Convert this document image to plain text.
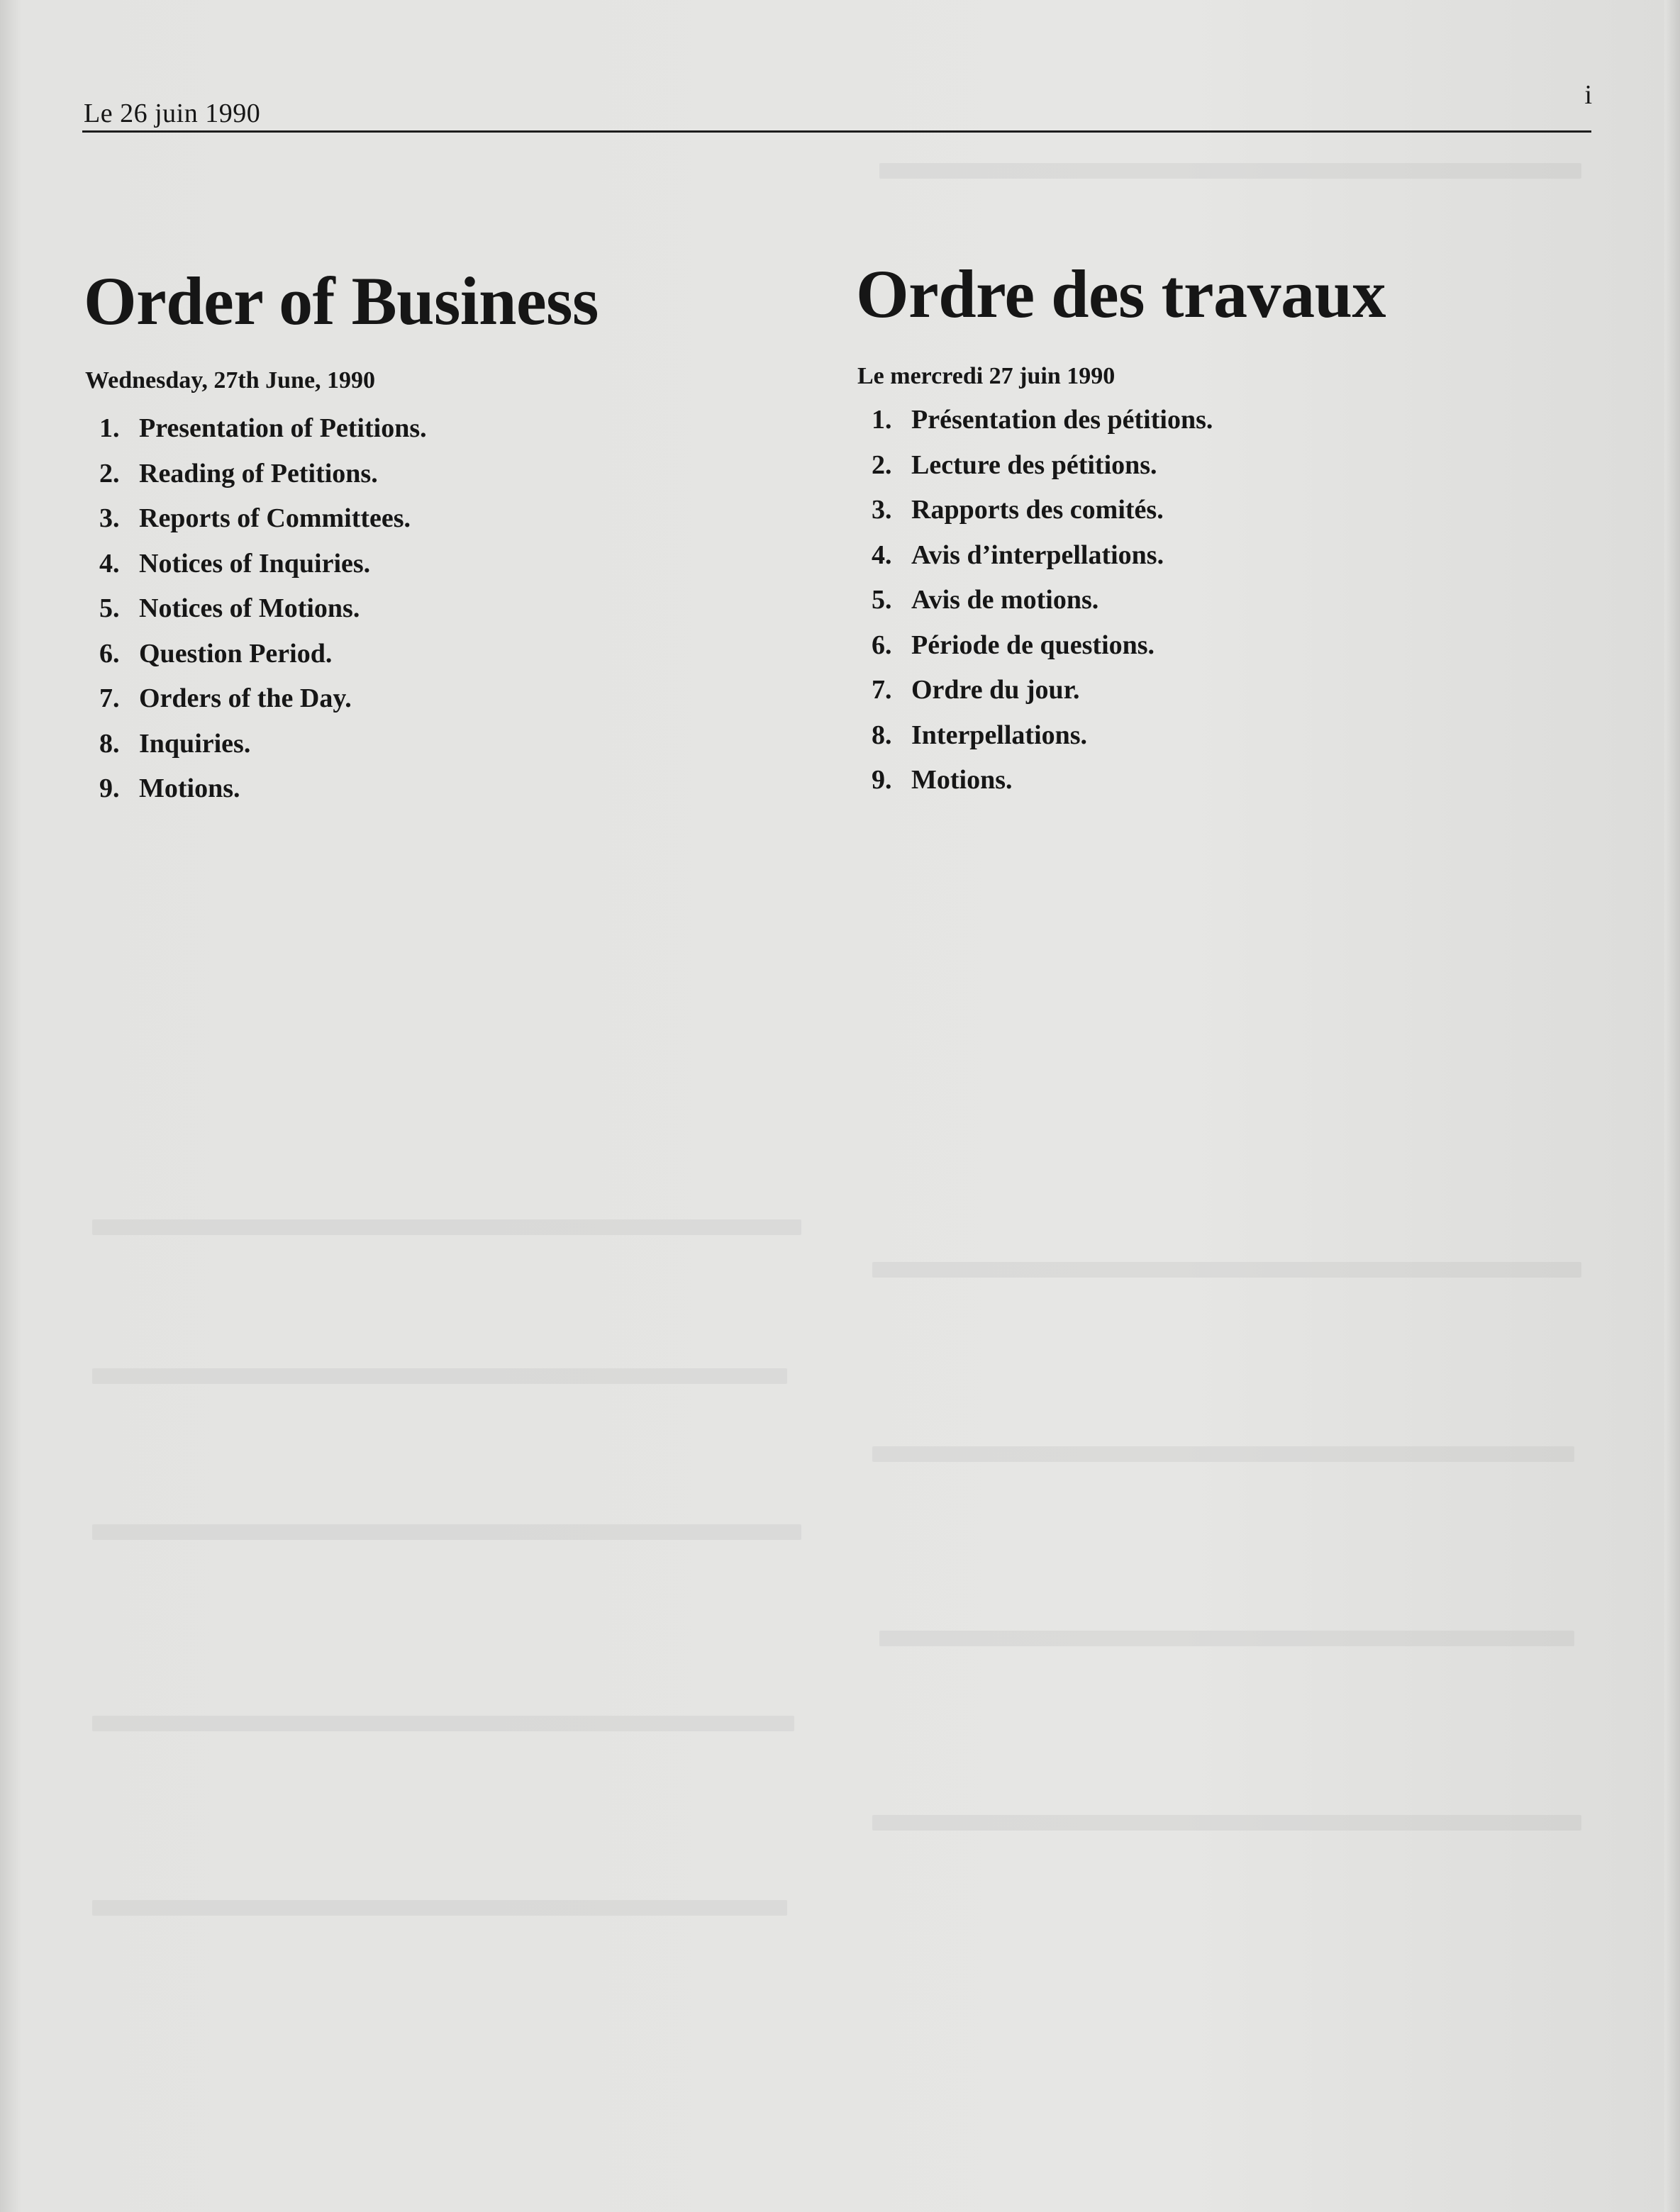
Le 26 juin 1990
i
Order of Business
Wednesday, 27th June, 1990
1. Presentation of Petitions.
2. Reading of Petitions.
3. Reports of Committees.
4. Notices of Inquiries.
5. Notices of Motions.
6. Question Period.
7. Orders of the Day.
8. Inquiries.
9. Motions.
Ordre des travaux
Le mercredi 27 juin 1990
1. Présentation des pétitions.
2. Lecture des pétitions.
3. Rapports des comités.
4. Avis d’interpellations.
5. Avis de motions.
6. Période de questions.
7. Ordre du jour.
8. Interpellations.
9. Motions.
